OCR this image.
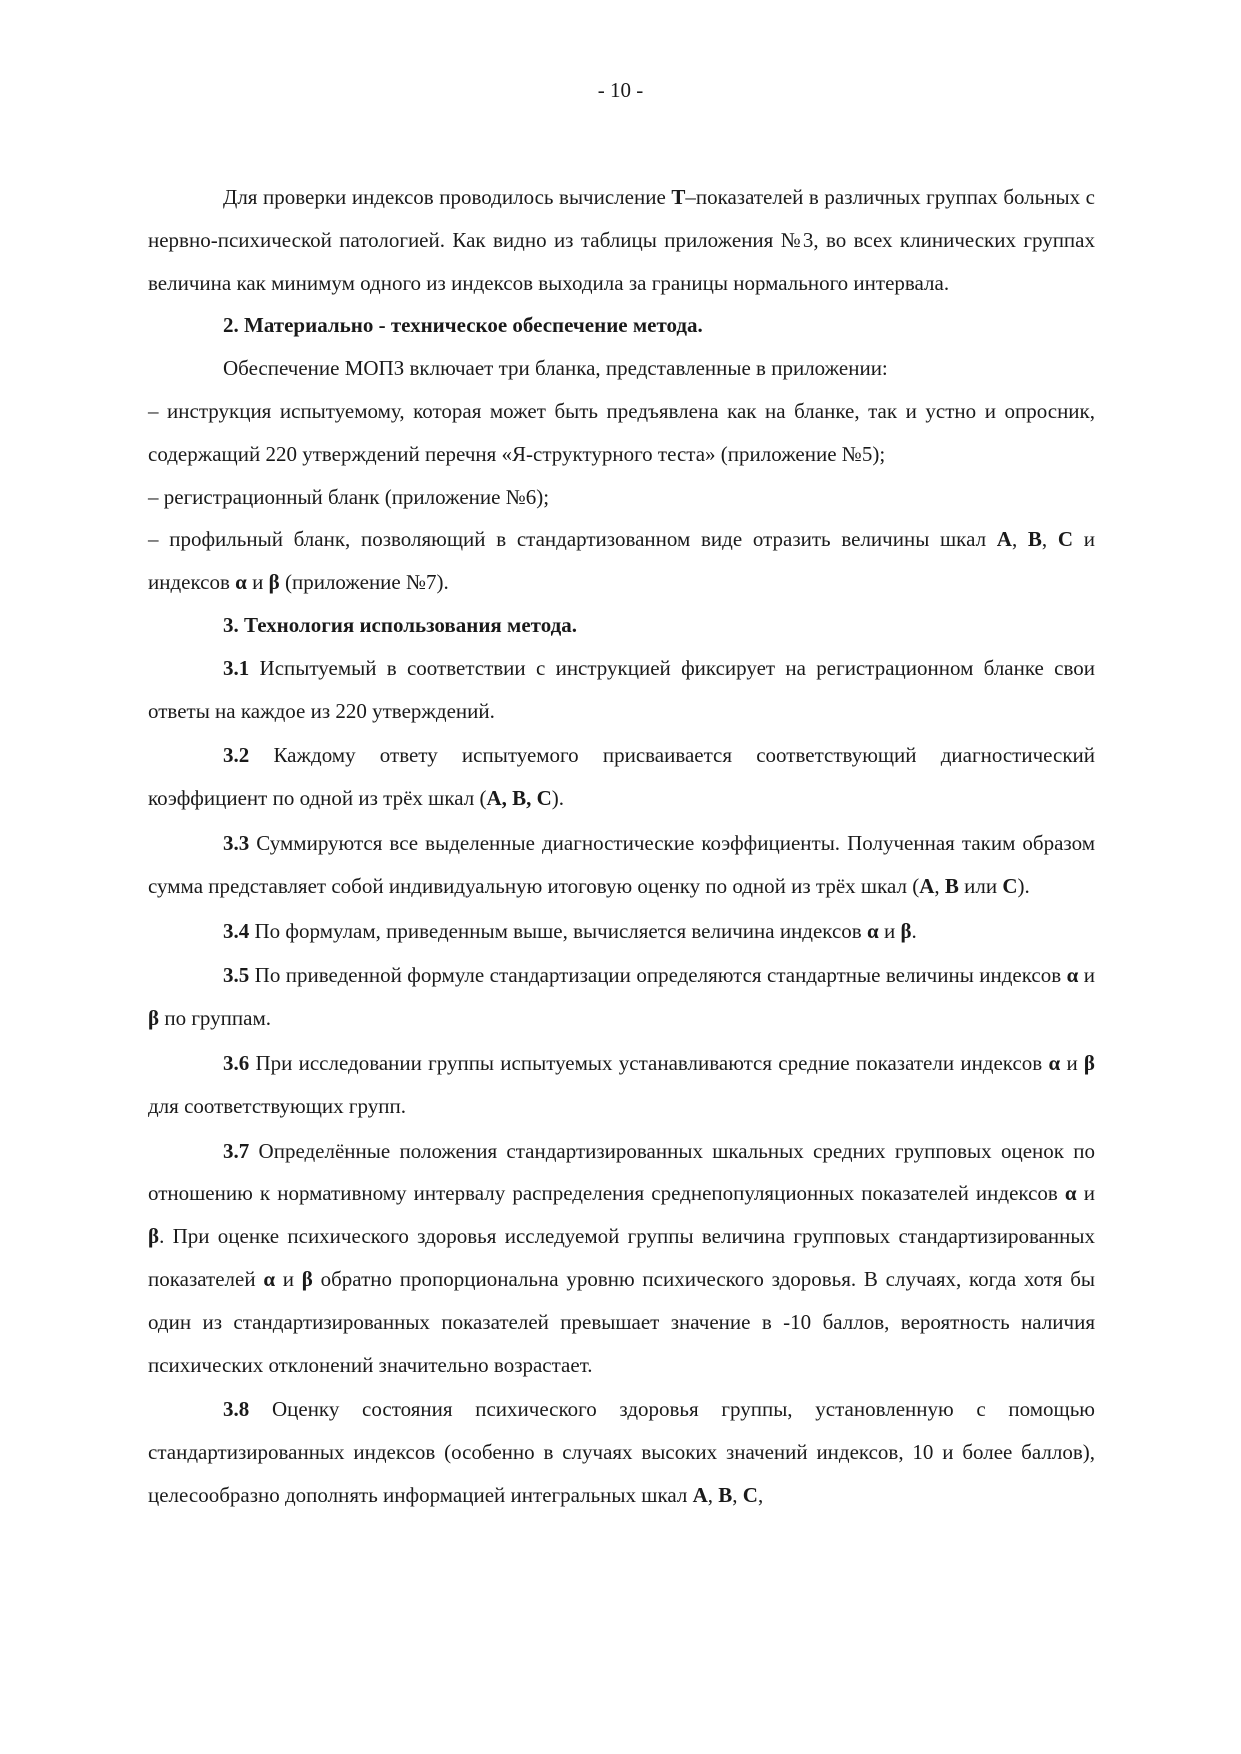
- 10 -

Для проверки индексов проводилось вычисление Т–показателей в различных группах больных с нервно-психической патологией. Как видно из таблицы приложения №3, во всех клинических группах величина как минимум одного из индексов выходила за границы нормального интервала.

2. Материально - техническое обеспечение метода.

Обеспечение МОПЗ включает три бланка, представленные в приложении:

– инструкция испытуемому, которая может быть предъявлена как на бланке, так и устно и опросник, содержащий 220 утверждений перечня «Я-структурного теста» (приложение №5);

– регистрационный бланк (приложение №6);

– профильный бланк, позволяющий в стандартизованном виде отразить величины шкал А, В, С и индексов α и β (приложение №7).

3. Технология использования метода.

3.1 Испытуемый в соответствии с инструкцией фиксирует на регистрационном бланке свои ответы на каждое из 220 утверждений.

3.2 Каждому ответу испытуемого присваивается соответствующий диагностический коэффициент по одной из трёх шкал (А, В, С).

3.3 Суммируются все выделенные диагностические коэффициенты. Полученная таким образом сумма представляет собой индивидуальную итоговую оценку по одной из трёх шкал (А, В или С).

3.4 По формулам, приведенным выше, вычисляется величина индексов α и β.

3.5 По приведенной формуле стандартизации определяются стандартные величины индексов α и β по группам.

3.6 При исследовании группы испытуемых устанавливаются средние показатели индексов α и β для соответствующих групп.

3.7 Определённые положения стандартизированных шкальных средних групповых оценок по отношению к нормативному интервалу распределения среднепопуляционных показателей индексов α и β. При оценке психического здоровья исследуемой группы величина групповых стандартизированных показателей α и β обратно пропорциональна уровню психического здоровья. В случаях, когда хотя бы один из стандартизированных показателей превышает значение в -10 баллов, вероятность наличия психических отклонений значительно возрастает.

3.8 Оценку состояния психического здоровья группы, установленную с помощью стандартизированных индексов (особенно в случаях высоких значений индексов, 10 и более баллов), целесообразно дополнять информацией интегральных шкал А, В, С,
